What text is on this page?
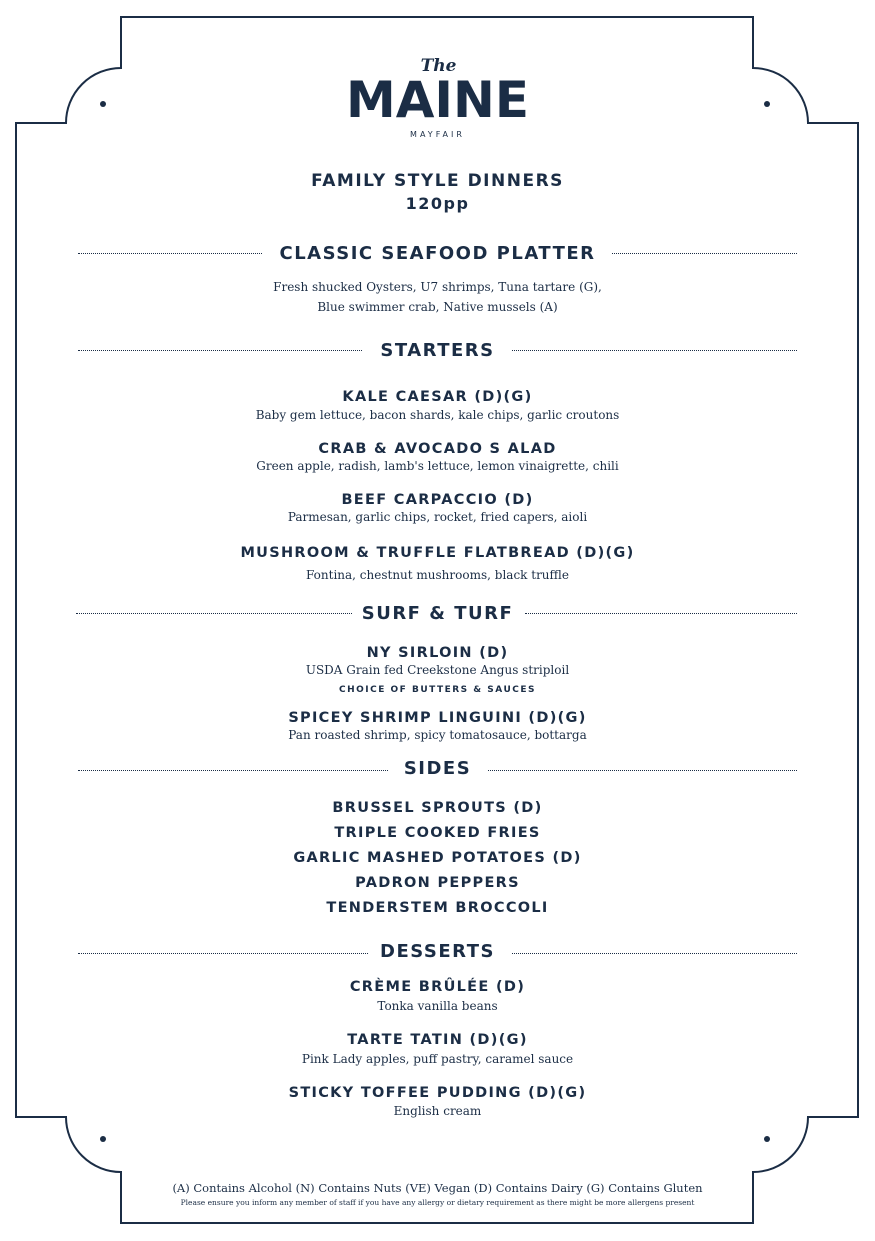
The
MAINE
MAYFAIR
FAMILY STYLE DINNERS
120pp
CLASSIC SEAFOOD PLATTER
Fresh shucked Oysters, U7 shrimps, Tuna tartare (G),
Blue swimmer crab, Native mussels (A)
STARTERS
KALE CAESAR (D)(G)
Baby gem lettuce, bacon shards, kale chips, garlic croutons
CRAB & AVOCADO S ALAD
Green apple, radish, lamb's lettuce, lemon vinaigrette, chili
BEEF CARPACCIO (D)
Parmesan, garlic chips, rocket, fried capers, aioli
MUSHROOM & TRUFFLE FLATBREAD (D)(G)
Fontina, chestnut mushrooms, black truffle
SURF & TURF
NY SIRLOIN (D)
USDA Grain fed Creekstone Angus striploil
CHOICE OF BUTTERS & SAUCES
SPICEY SHRIMP LINGUINI (D)(G)
Pan roasted shrimp, spicy tomatosauce, bottarga
SIDES
BRUSSEL SPROUTS (D)
TRIPLE COOKED FRIES
GARLIC MASHED POTATOES (D)
PADRON PEPPERS
TENDERSTEM BROCCOLI
DESSERTS
CRÈME BRÛLÉE (D)
Tonka vanilla beans
TARTE TATIN (D)(G)
Pink Lady apples, puff pastry, caramel sauce
STICKY TOFFEE PUDDING (D)(G)
English cream
(A) Contains Alcohol (N) Contains Nuts (VE) Vegan (D) Contains Dairy (G) Contains Gluten
Please ensure you inform any member of staff if you have any allergy or dietary requirement as there might be more allergens present
